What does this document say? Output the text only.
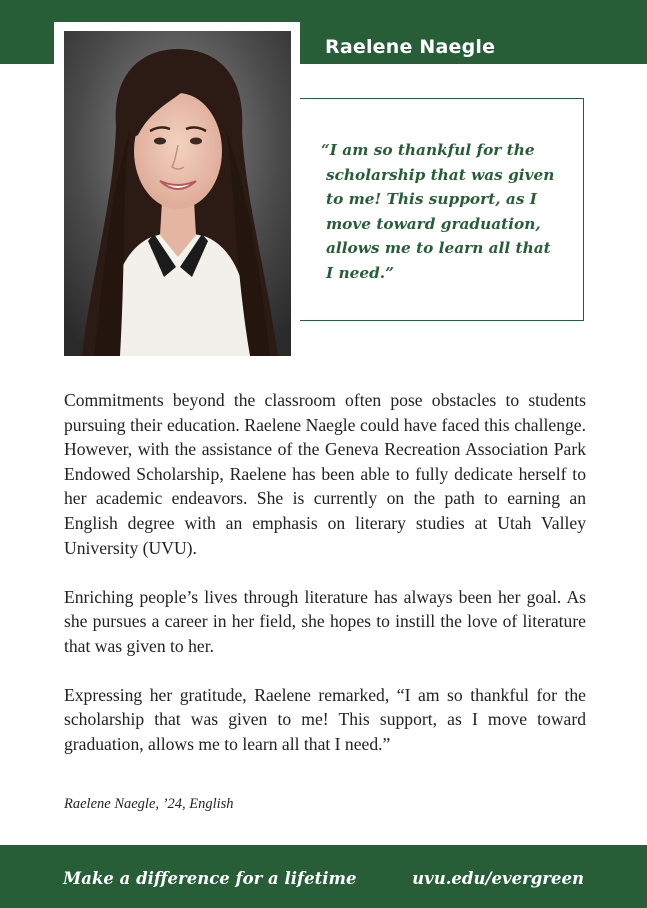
Raelene Naegle
“I am so thankful for the
scholarship that was given
to me! This support, as I
move toward graduation,
allows me to learn all that
I need.”

Commitments beyond the classroom often pose obstacles to students pursuing their education. Raelene Naegle could have faced this challenge. However, with the assistance of the Geneva Recreation Association Park Endowed Scholarship, Raelene has been able to fully dedicate herself to her academic endeavors. She is currently on the path to earning an English degree with an emphasis on literary studies at Utah Valley University (UVU).

Enriching people’s lives through literature has always been her goal. As she pursues a career in her field, she hopes to instill the love of literature that was given to her.

Expressing her gratitude, Raelene remarked, “I am so thankful for the scholarship that was given to me! This support, as I move toward graduation, allows me to learn all that I need.”

Raelene Naegle, ’24, English
Make a difference for a lifetime	uvu.edu/evergreen
